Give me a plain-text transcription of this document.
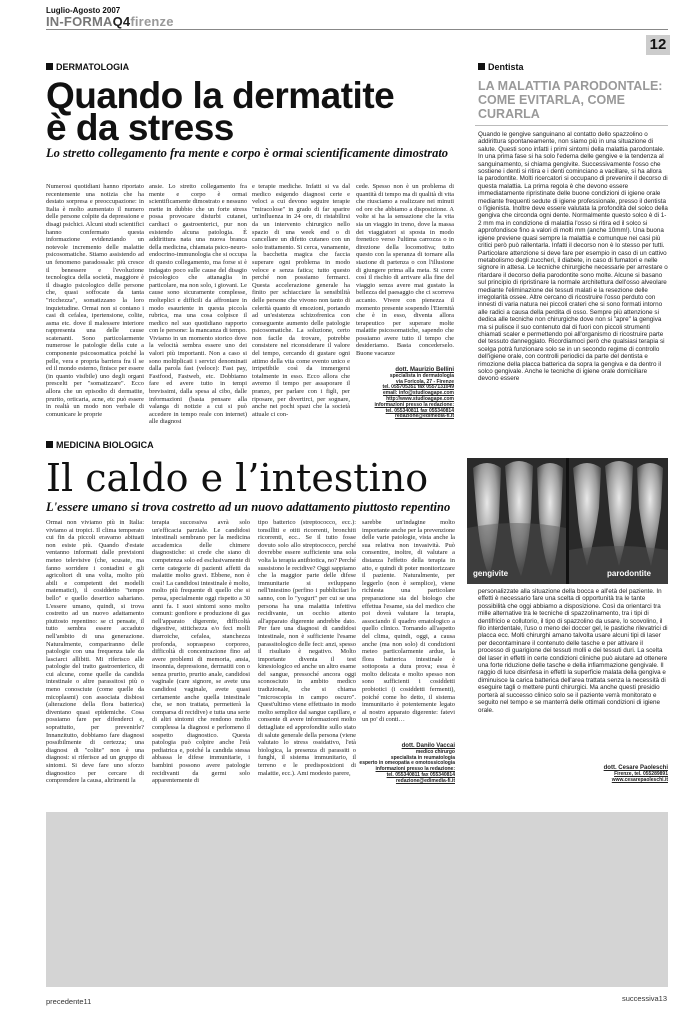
Luglio-Agosto 2007
IN-FORMAQ4firenze
12
DERMATOLOGIA
Quando la dermatite
è da stress
Lo stretto collegamento fra mente e corpo è ormai scientificamente dimostrato
Numerosi quotidiani hanno riportato recentemente una notizia che ha destato sorpresa e preoccupazione: in Italia è molto aumentato il numero delle persone colpite da depressione e disagi psichici. Alcuni studi scientifici hanno confermato questa informazione evidenziando un notevole incremento delle malattie psicosomatiche. Stiamo assistendo ad un fenomeno paradossale: più cresce il benessere e l'evoluzione tecnologica della società, maggiore è il disagio psicologico delle persone che, quasi soffocate da tanta "ricchezza", somatizzano la loro inquietudine. Ormai non si contano i casi di cefalea, ipertensione, colite, asma etc. dove il malessere interiore rappresenta una delle cause scatenanti. Sono particolarmente numerose le patologie della cute a componente psicosomatica poiché la pelle, vera e propria barriera fra il se ed il mondo esterno, finisce per essere (in quanto visibile) uno degli organi prescelti per "somatizzare". Ecco allora che un episodio di dermatite, prurito, orticaria, acne, etc può essere in realtà un modo non verbale di comunicare le proprie
ansie. Lo stretto collegamento fra mente e corpo è ormai scientificamente dimostrato e nessuno mette in dubbio che un forte stress possa provocare disturbi cutanei, cardiaci o gastroenterici, pur non esistendo alcuna patologia. È addirittura nata una nuova branca della medicina, chiamata psico-neuro-endocrino-immunologia che si occupa di questo collegamento, ma forse si è indagato poco sulle cause del disagio psicologico che attanaglia in particolare, ma non solo, i giovani. Le cause sono sicuramente complesse, molteplici e difficili da affrontare in modo esauriente in questa piccola rubrica, ma una cosa colpisce il medico nel suo quotidiano rapporto con le persone: la mancanza di tempo. Viviamo in un momento storico dove la velocità sembra essere uno dei valori più importanti. Non a caso si sono moltiplicati i servizi denominati dalla parola fast (veloce): Fast pay, Fastfood, Fastweb, etc. Dobbiamo fare ed avere tutto in tempi brevissimi, dalla spesa al cibo, dalle informazioni (basta pensare alla valanga di notizie a cui si può accedere in tempo reale con internet) alle diagnosi
e terapie mediche. Infatti si va dal medico esigendo diagnosi certe e veloci a cui devono seguire terapie "miracolose" in grado di far sparire un'influenza in 24 ore, di ristabilirsi da un intervento chirurgico nello spazio di una week end o di cancellare un difetto cutaneo con un solo trattamento. Si cerca, vanamente, la bacchetta magica che faccia superare ogni problema in modo veloce e senza fatica; tutto questo perché non possiamo fermarci. Questa accelerazione generale ha finito per schiacciare la sensibilità delle persone che vivono non tanto di celerità quanto di emozioni, portando ad un'esistenza schizofrenica con conseguente aumento delle patologie psicosomatiche. La soluzione, certo non facile da trovare, potrebbe consistere nel riconsiderare il valore del tempo, cercando di gustare ogni attimo della vita come evento unico e irripetibile così da immergersi totalmente in esso. Ecco allora che avremo il tempo per assaporare il pranzo, per parlare con i figli, per riposare, per divertirci, per sognare, anche nei pochi spazi che la società attuale ci con-
cede. Spesso non è un problema di quantità di tempo ma di qualità di vita che riusciamo a realizzare nei minuti od ore che abbiamo a disposizione. A volte si ha la sensazione che la vita sia un viaggio in treno, dove la massa dei viaggiatori si sposta in modo frenetico verso l'ultima carrozza o in direzione della locomotiva; tutto questo con la speranza di tornare alla stazione di partenza o con l'illusione di giungere prima alla meta. Si corre così il rischio di arrivare alla fine del viaggio senza avere mai gustato la bellezza del paesaggio che ci scorreva accanto. Vivere con pienezza il momento presente sospendo l'Eternità che è in esso, diventa allora terapeutico per superare molte malattie psicosomatiche, sapendo che possiamo avere tutto il tempo che desideriamo. Basta concederselo. Buone vacanze
dott. Maurizio Bellini
specialista in dermatologia
via Foricola, 27 - Firenze
tel. 055705351 fax 0557131049
email: info@studioagape.com
http://www.studioagape.com
informazioni presso la redazione:
tel. 055340811 fax 055340814
redazione@edimedia-fi.it
MEDICINA BIOLOGICA
Il caldo e l’intestino
L'essere umano si trova costretto ad un nuovo adattamento piuttosto repentino
Ormai non viviamo più in Italia: viviamo ai tropici. Il clima temperato cui fin da piccoli eravamo abituati non esiste più. Quando d'estate ventanno informati dalle previsioni meteo televisive (che, scusate, ma fanno sorridere i contadini e gli agricoltori di una volta, molto più abili e competenti dei modelli matematici), il cosiddetto "tempo bello" e quello desertico sahariano. L'essere umano, quindi, si trova costretto ad un nuovo adattamento piuttosto repentino: se ci pensate, il tutto sembra essere accaduto nell'ambito di una generazione. Naturalmente, compariranno delle patologie con una frequenza tale da lasciarci allibiti. Mi riferisco alle patologie del tratto gastroenterico, di cui alcune, come quelle da candida intestinale o altre parassitosi più o meno conosciute (come quelle da micoplasmi) con associata disbiosi (alterazione della flora batterica) diventano quasi epidemiche. Cosa possiamo fare per difenderci e, soprattutto, per prevenirle? Innanzitutto, dobbiamo fare diagnosi possibilmente di certezza; una diagnosi di "colite" non è una diagnosi: si riferisce ad un gruppo di sintomi. Si deve fare uno sforzo diagnostico per cercare di comprendere la causa, altrimenti la
terapia successiva avrà solo un'efficacia parziale. Le candidosi intestinali sembrano per la medicina accademica delle chimere diagnostiche: si crede che siano di competenza solo ed esclusivamente di certe categorie di pazienti affetti da malattie molto gravi. Ebbene, non è così! La candidosi intestinale è molto, molto più frequente di quello che si pensa, specialmente oggi rispetto a 30 anni fa. I suoi sintomi sono molto comuni: gonfiore e produzione di gas nell'apparato digerente, difficoltà digestive, stitichezza e/o feci molli diarroiche, cefalea, stanchezza profonda, sopraspeso corporeo, difficoltà di concentrazione fino ad avere problemi di memoria, ansia, insonnia, depressione, dermatiti con o senza prurito, prurito anale, candidosi vaginale (care signore, se avete una candidosi vaginale, avete quasi certamente anche quella intestinale che, se non trattata, permetterà la comparsa di recidive) e tutta una serie di altri sintomi che rendono molto complessa la diagnosi e perlomeno il sospetto diagnostico. Questa patologia può colpire anche l'età pediatrica e, poiché la candida stessa abbassa le difese immunitarie, i bambini possono avere patologie recidivanti da germi solo apparentemente di
tipo batterico (streptococco, ecc.): tonsilliti e otiti ricorrenti, bronchiti ricorrenti, ecc.. Se il tutto fosse dovuto solo allo streptococco, perché dovrebbe essere sufficiente una sola volta la terapia antibiotica, no? Perché sussistono le recidive? Oggi sappiamo che la maggior parte delle difese immunitarie si sviluppano nell'intestino (perfino i pubblicitari lo sanno, con lo "yogurt" per cui se una persona ha una malattia infettiva recidivante, un occhio attento all'apparato digerente andrebbe dato. Per fare una diagnosi di candidosi intestinale, non è sufficiente l'esame parassitologico delle feci: anzi, spesso il risultato è negativo. Molto importante diventa il test kinesiologico ed anche un altro esame del sangue, pressoché ancora oggi sconosciuto in ambito medico tradizionale, che si chiama "microscopia in campo oscuro". Quest'ultimo viene effettuato in modo molto semplice dal sangue capillare, e consente di avere informazioni molto dettagliate ed approfondite sullo stato di salute generale della persona (viene valutato lo stress ossidativo, l'età biologica, la presenza di parassiti o funghi, il sistema immunitario, il terreno e le predisposizioni di malattie, ecc.). Ami modesto parere,
sarebbe un'indagine molto importante anche per la prevenzione delle varie patologie, vista anche la sua relativa non invasività. Può consentire, inoltre, di valutare a distanza l'effetto della terapia in atto, e quindi di poter monitorizzare il paziente. Naturalmente, per leggerlo (non è semplice), viene richiesta una particolare preparazione sia del biologo che effettua l'esame, sia del medico che poi dovrà valutare la terapia, associando il quadro ematologico a quello clinico. Tornando all'aspetto del clima, quindi, oggi, a causa anche (ma non solo) di condizioni meteo particolarmente ardue, la flora batterica intestinale è sottoposta a dura prova; essa è molto delicata e molto spesso non sono sufficienti i cosiddetti probiotici (i cosiddetti fermenti), poiché come ho detto, il sistema immunitario è potentemente legato al nostro apparato digerente: fatevi un po' di conti…
dott. Danilo Vaccai
medico chirurgo
specialista in reumatologia
esperto in omeopatia e omotossicologia
informazioni presso la redazione:
tel. 055340811 fax 055340814
redazione@edimedia-fi.it
Dentista
LA MALATTIA PARODONTALE: COME EVITARLA, COME CURARLA
Quando le gengive sanguinano al contatto dello spazzolino o addirittura spontaneamente, non siamo più in una situazione di salute. Questi sono infatti i primi sintomi della malattia parodontale. In una prima fase si ha solo l'edema delle gengive e la tendenza al sanguinamento, si chiama gengivite. Successivamente l'osso che sostiene i denti si ritira e i denti cominciano a vacillare, si ha allora la parodontite. Molti ricercatori si occupano di prevenire il decorso di questa malattia. La prima regola è che devono essere immediatamente ripristinate delle buone condizioni di igiene orale mediante frequenti sedute di igiene professionale, presso il dentista o l'igienista. Inoltre deve essere valutata la profondità del solco della gengiva che circonda ogni dente. Normalmente questo solco è di 1-2 mm ma in condizione di malattia l'osso si ritira ed il solco si approfondisce fino a valori di molti mm (anche 10mm!). Una buona igiene previene quasi sempre la malattia e comunque nei casi più critici però può rallentarla. Infatti il decorso non è lo stesso per tutti. Particolare attenzione si deve fare per esempio in caso di un cattivo metabolismo degli zuccheri, il diabete, in caso di fumatori e nelle signore in attesa. Le tecniche chirurgiche necessarie per arrestare o ritardare il decorso della parodontite sono molte. Alcune si basano sul principio di ripristinare la normale architettura dell'osso alveolare mediante l'eliminazione dei tessuti malati e la resezione delle irregolarità ossee. Altre cercano di ricostruire l'osso perduto con innesti di varia natura nei piccoli crateri che si sono formati intorno alle radici a causa della perdita di osso. Sempre più attenzione si dedica alle tecniche non chirurgiche dove non si "apre" la gengiva ma si pulisce il suo contenuto dal di fuori con piccoli strumenti chiamati scaler e permettendo poi all'organismo di ricostruire parte del tessuto danneggiato. Ricordiamoci però che qualsiasi terapia si scelga potrà funzionare solo se in un secondo regime di controllo dell'igiene orale, con controlli periodici da parte del dentista e rimozione della placca batterica da sopra la gengiva e da dentro il solco gengivale. Anche le tecniche di igiene orale domiciliare devono essere
gengivite	parodontite
personalizzate alla situazione della bocca e all'età del paziente. In effetti è necessario fare una scelta di opportunità tra le tante possibilità che oggi abbiamo a disposizione. Così da orientarci tra mille alternative tra le tecniche di spazzolinamento, tra i tipi di dentifricio e collutorio, il tipo di spazzolino da usare, lo scovolino, il filo interdentale, l'uso o meno dei doccer gel, le pastiche rilevatrici di placca ecc. Molti chirurghi amano talvolta usare alcuni tipi di laser per decontaminare il contenuto delle tasche e per attivare il processo di guarigione dei tessuti molli e dei tessuti duri. La scelta del laser in effetti in certe condizioni cliniche può aiutare ad ottenere una forte riduzione delle tasche e della infiammazione gengivale. Il raggio di luce disinfesa in effetti la superficie malata della gengiva e diminuisce la carica batterica dell'area trattata senza la necessità di eseguire tagli o mettere punti chirurgici. Ma anche questi presidio porterà al successo clinico solo se il paziente verrà monitorato e seguito nel tempo e se manterrà delle ottimali condizioni di igiene orale.
dott. Cesare Paoleschi
Firenze, tel. 055289891
www.cesarepaoleschi.it
precedente11	successiva13
